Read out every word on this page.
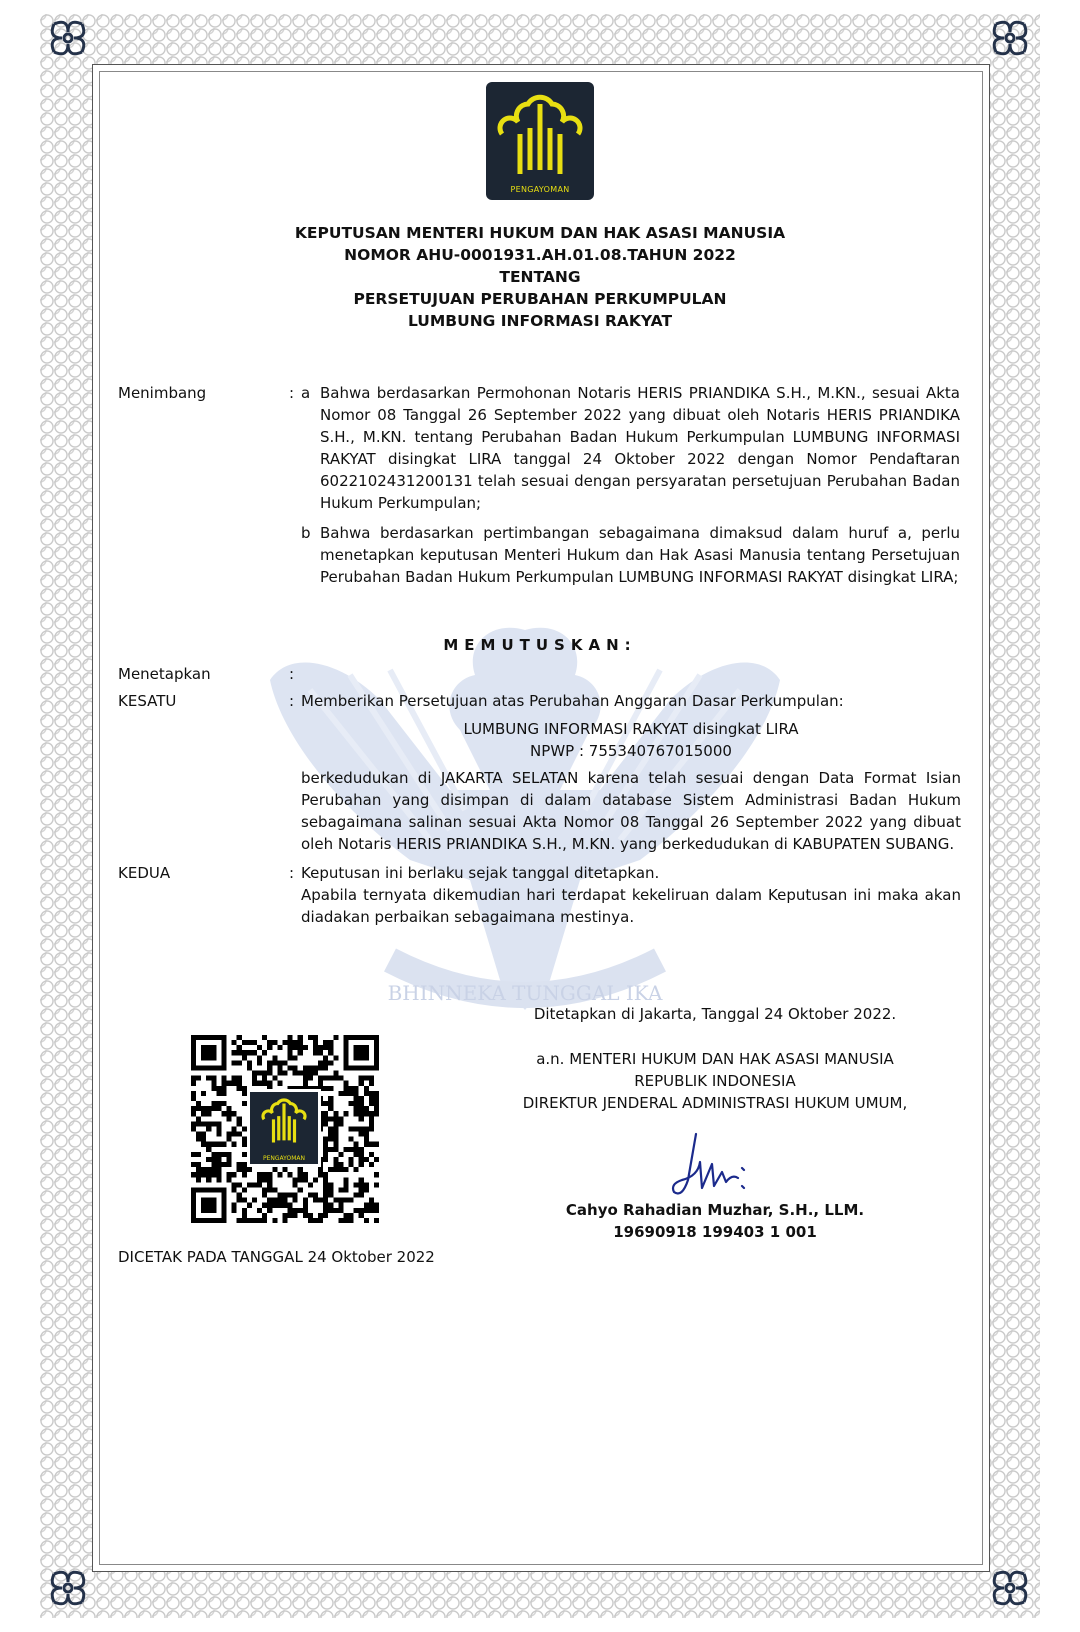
BHINNEKA TUNGGAL IKA
PENGAYOMAN
KEPUTUSAN MENTERI HUKUM DAN HAK ASASI MANUSIA
NOMOR AHU-0001931.AH.01.08.TAHUN 2022
TENTANG
PERSETUJUAN PERUBAHAN PERKUMPULAN
LUMBUNG INFORMASI RAKYAT
Menimbang	: a Bahwa berdasarkan Permohonan Notaris HERIS PRIANDIKA S.H., M.KN., sesuai Akta Nomor 08 Tanggal 26 September 2022 yang dibuat oleh Notaris HERIS PRIANDIKA S.H., M.KN. tentang Perubahan Badan Hukum Perkumpulan LUMBUNG INFORMASI RAKYAT disingkat LIRA tanggal 24 Oktober 2022 dengan Nomor Pendaftaran 6022102431200131 telah sesuai dengan persyaratan persetujuan Perubahan Badan Hukum Perkumpulan;
b Bahwa berdasarkan pertimbangan sebagaimana dimaksud dalam huruf a, perlu menetapkan keputusan Menteri Hukum dan Hak Asasi Manusia tentang Persetujuan Perubahan Badan Hukum Perkumpulan LUMBUNG INFORMASI RAKYAT disingkat LIRA;
MEMUTUSKAN:
Menetapkan	:
KESATU	: Memberikan Persetujuan atas Perubahan Anggaran Dasar Perkumpulan:
LUMBUNG INFORMASI RAKYAT disingkat LIRA
NPWP : 755340767015000
berkedudukan di JAKARTA SELATAN karena telah sesuai dengan Data Format Isian Perubahan yang disimpan di dalam database Sistem Administrasi Badan Hukum sebagaimana salinan sesuai Akta Nomor 08 Tanggal 26 September 2022 yang dibuat oleh Notaris HERIS PRIANDIKA S.H., M.KN. yang berkedudukan di KABUPATEN SUBANG.
KEDUA	: Keputusan ini berlaku sejak tanggal ditetapkan.
Apabila ternyata dikemudian hari terdapat kekeliruan dalam Keputusan ini maka akan diadakan perbaikan sebagaimana mestinya.
Ditetapkan di Jakarta, Tanggal 24 Oktober 2022.
a.n. MENTERI HUKUM DAN HAK ASASI MANUSIA
REPUBLIK INDONESIA
DIREKTUR JENDERAL ADMINISTRASI HUKUM UMUM,
Cahyo Rahadian Muzhar, S.H., LLM.
19690918 199403 1 001
PENGAYOMAN
DICETAK PADA TANGGAL 24 Oktober 2022
